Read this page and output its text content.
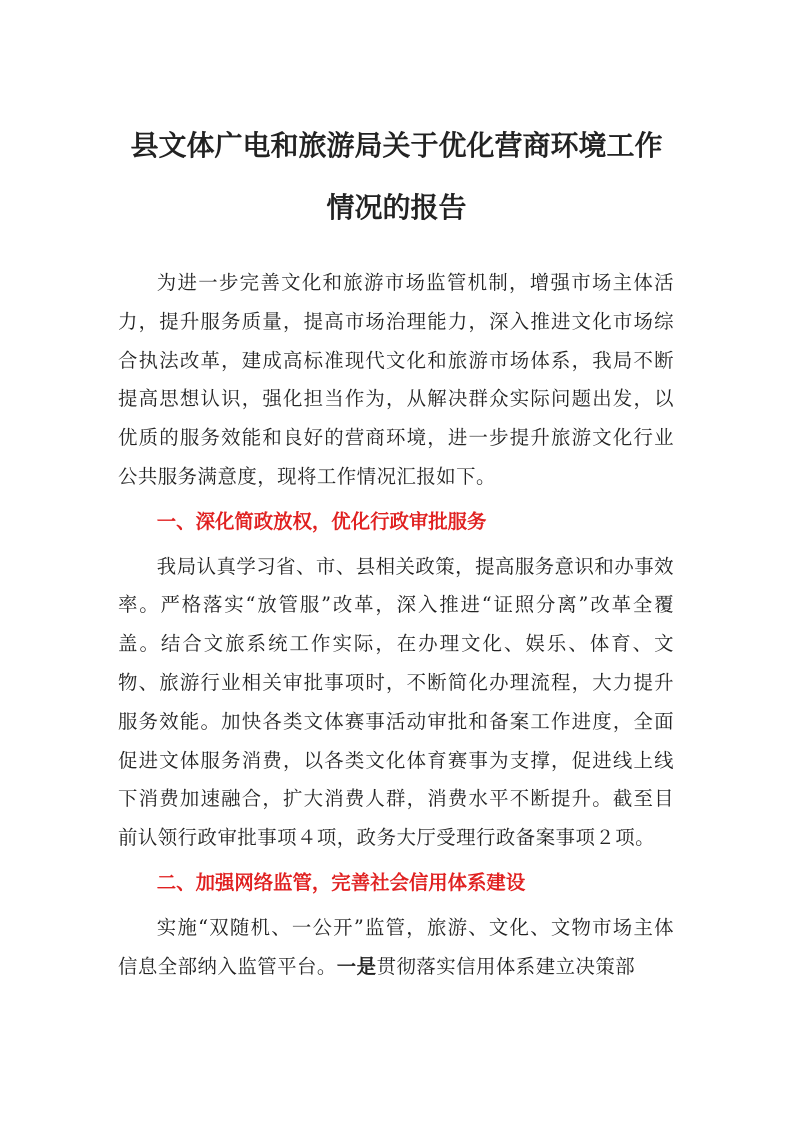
县文体广电和旅游局关于优化营商环境工作

情况的报告

为进一步完善文化和旅游市场监管机制，增强市场主体活力，提升服务质量，提高市场治理能力，深入推进文化市场综合执法改革，建成高标准现代文化和旅游市场体系，我局不断提高思想认识，强化担当作为，从解决群众实际问题出发，以优质的服务效能和良好的营商环境，进一步提升旅游文化行业公共服务满意度，现将工作情况汇报如下。

一、深化简政放权，优化行政审批服务

我局认真学习省、市、县相关政策，提高服务意识和办事效率。严格落实“放管服”改革，深入推进“证照分离”改革全覆盖。结合文旅系统工作实际，在办理文化、娱乐、体育、文物、旅游行业相关审批事项时，不断简化办理流程，大力提升服务效能。加快各类文体赛事活动审批和备案工作进度，全面促进文体服务消费，以各类文化体育赛事为支撑，促进线上线下消费加速融合，扩大消费人群，消费水平不断提升。截至目前认领行政审批事项４项，政务大厅受理行政备案事项２项。

二、加强网络监管，完善社会信用体系建设

实施“双随机、一公开”监管，旅游、文化、文物市场主体信息全部纳入监管平台。一是贯彻落实信用体系建立决策部
